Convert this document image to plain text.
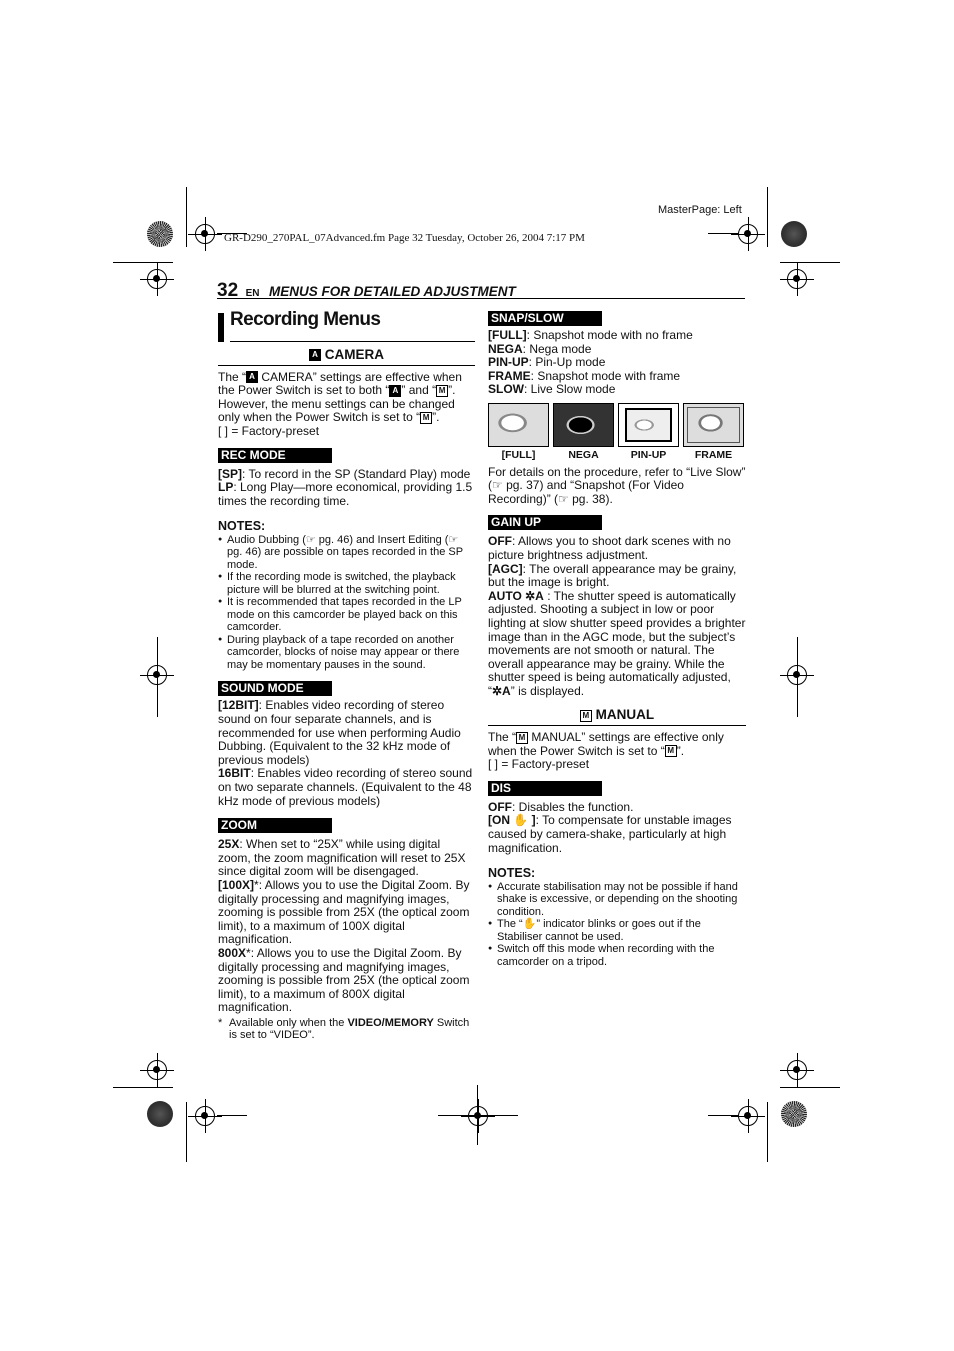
MasterPage: Left
GR-D290_270PAL_07Advanced.fm Page 32 Tuesday, October 26, 2004 7:17 PM
32 EN MENUS FOR DETAILED ADJUSTMENT
Recording Menus
A CAMERA

The “ A CAMERA” settings are effective when the Power Switch is set to both “ A ” and “ M ”. However, the menu settings can be changed only when the Power Switch is set to “ M ”.

[ ] = Factory-preset

REC MODE

[SP]: To record in the SP (Standard Play) mode

LP: Long Play—more economical, providing 1.5 times the recording time.

NOTES:
● Audio Dubbing (☞ pg. 46) and Insert Editing (☞ pg. 46) are possible on tapes recorded in the SP mode.
● If the recording mode is switched, the playback picture will be blurred at the switching point.
● It is recommended that tapes recorded in the LP mode on this camcorder be played back on this camcorder.
● During playback of a tape recorded on another camcorder, blocks of noise may appear or there may be momentary pauses in the sound.
SOUND MODE

[12BIT]: Enables video recording of stereo sound on four separate channels, and is recommended for use when performing Audio Dubbing. (Equivalent to the 32 kHz mode of previous models)

16BIT: Enables video recording of stereo sound on two separate channels. (Equivalent to the 48 kHz mode of previous models)

ZOOM

25X: When set to “25X” while using digital zoom, the zoom magnification will reset to 25X since digital zoom will be disengaged.

[100X]*: Allows you to use the Digital Zoom. By digitally processing and magnifying images, zooming is possible from 25X (the optical zoom limit), to a maximum of 100X digital magnification.

800X*: Allows you to use the Digital Zoom. By digitally processing and magnifying images, zooming is possible from 25X (the optical zoom limit), to a maximum of 800X digital magnification.

* Available only when the VIDEO/MEMORY Switch is set to “VIDEO”.

SNAP/SLOW

[FULL]: Snapshot mode with no frame

NEGA: Nega mode

PIN-UP: Pin-Up mode

FRAME: Snapshot mode with frame

SLOW: Live Slow mode

[FULL]	NEGA	PIN-UP	FRAME

For details on the procedure, refer to “Live Slow” (☞ pg. 37) and “Snapshot (For Video Recording)” (☞ pg. 38).

GAIN UP

OFF: Allows you to shoot dark scenes with no picture brightness adjustment.

[AGC]: The overall appearance may be grainy, but the image is bright.

AUTO ✲A : The shutter speed is automatically adjusted. Shooting a subject in low or poor lighting at slow shutter speed provides a brighter image than in the AGC mode, but the subject’s movements are not smooth or natural. The overall appearance may be grainy. While the shutter speed is being automatically adjusted, “✲A” is displayed.

M MANUAL

The “ M MANUAL” settings are effective only when the Power Switch is set to “ M ”.

[ ] = Factory-preset

DIS

OFF: Disables the function.

[ON ✋ ]: To compensate for unstable images caused by camera-shake, particularly at high magnification.

NOTES:
● Accurate stabilisation may not be possible if hand shake is excessive, or depending on the shooting condition.
● The “✋” indicator blinks or goes out if the Stabiliser cannot be used.
● Switch off this mode when recording with the camcorder on a tripod.
